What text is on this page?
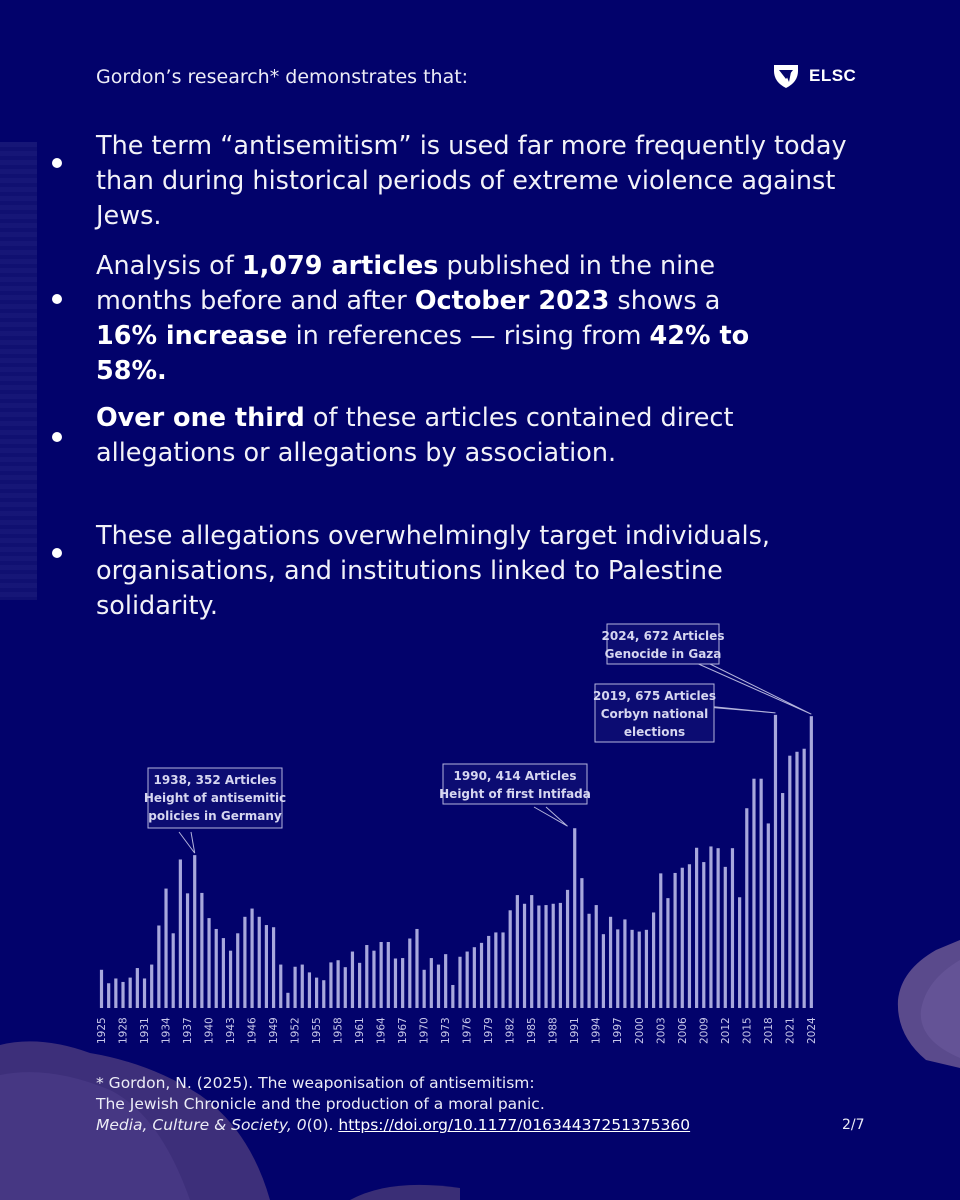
Gordon’s research* demonstrates that:	ELSC
The term “antisemitism” is used far more frequently today than during historical periods of extreme violence against Jews.
Analysis of 1,079 articles published in the nine months before and after October 2023 shows a 16% increase in references — rising from 42% to 58%.
Over one third of these articles contained direct allegations or allegations by association.
These allegations overwhelmingly target individuals, organisations, and institutions linked to Palestine solidarity.
1925 1928 1931 1934 1937 1940 1943 1946 1949 1952 1955 1958 1961 1964 1967 1970 1973 1976 1979 1982 1985 1988 1991 1994 1997 2000 2003 2006 2009 2012 2015 2018 2021 2024
1938, 352 Articles
Height of antisemitic
policies in Germany
1990, 414 Articles
Height of first Intifada
2019, 675 Articles
Corbyn national
elections
2024, 672 Articles
Genocide in Gaza
* Gordon, N. (2025). The weaponisation of antisemitism:
The Jewish Chronicle and the production of a moral panic.
Media, Culture & Society, 0(0). https://doi.org/10.1177/01634437251375360	2/7
